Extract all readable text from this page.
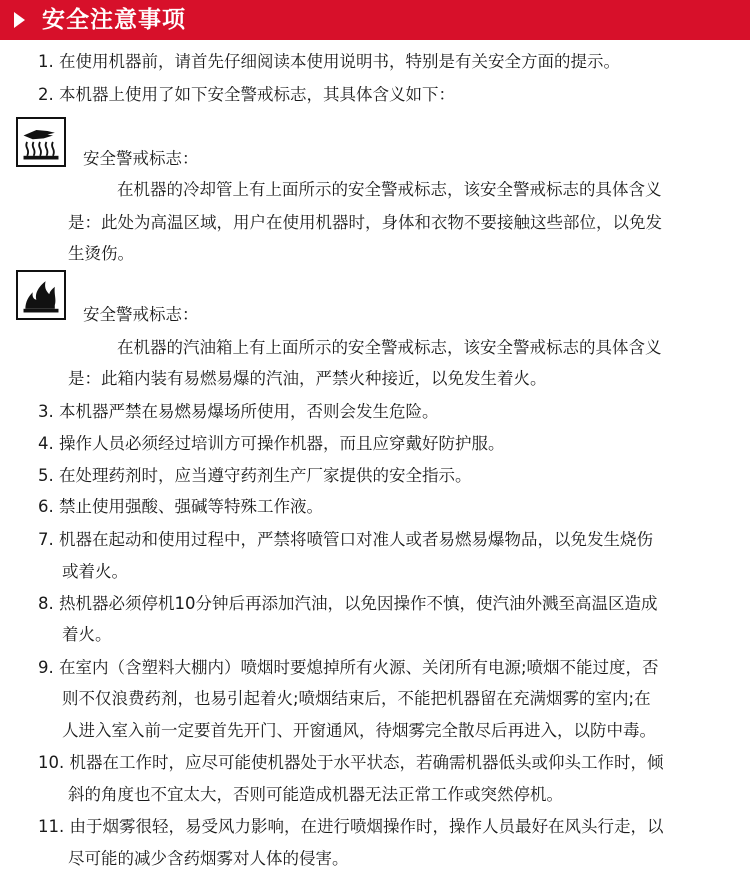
安全注意事项
1. 在使用机器前，请首先仔细阅读本使用说明书，特别是有关安全方面的提示。
2. 本机器上使用了如下安全警戒标志，其具体含义如下：
安全警戒标志：
在机器的冷却管上有上面所示的安全警戒标志，该安全警戒标志的具体含义
是：此处为高温区域，用户在使用机器时，身体和衣物不要接触这些部位，以免发
生烫伤。
安全警戒标志：
在机器的汽油箱上有上面所示的安全警戒标志，该安全警戒标志的具体含义
是：此箱内装有易燃易爆的汽油，严禁火种接近，以免发生着火。
3. 本机器严禁在易燃易爆场所使用，否则会发生危险。
4. 操作人员必须经过培训方可操作机器，而且应穿戴好防护服。
5. 在处理药剂时，应当遵守药剂生产厂家提供的安全指示。
6. 禁止使用强酸、强碱等特殊工作液。
7. 机器在起动和使用过程中，严禁将喷管口对准人或者易燃易爆物品，以免发生烧伤
或着火。
8. 热机器必须停机10分钟后再添加汽油，以免因操作不慎，使汽油外溅至高温区造成
着火。
9. 在室内（含塑料大棚内）喷烟时要熄掉所有火源、关闭所有电源;喷烟不能过度，否
则不仅浪费药剂，也易引起着火;喷烟结束后，不能把机器留在充满烟雾的室内;在
人进入室入前一定要首先开门、开窗通风，待烟雾完全散尽后再进入，以防中毒。
10. 机器在工作时，应尽可能使机器处于水平状态，若确需机器低头或仰头工作时，倾
斜的角度也不宜太大，否则可能造成机器无法正常工作或突然停机。
11. 由于烟雾很轻，易受风力影响，在进行喷烟操作时，操作人员最好在风头行走，以
尽可能的减少含药烟雾对人体的侵害。
